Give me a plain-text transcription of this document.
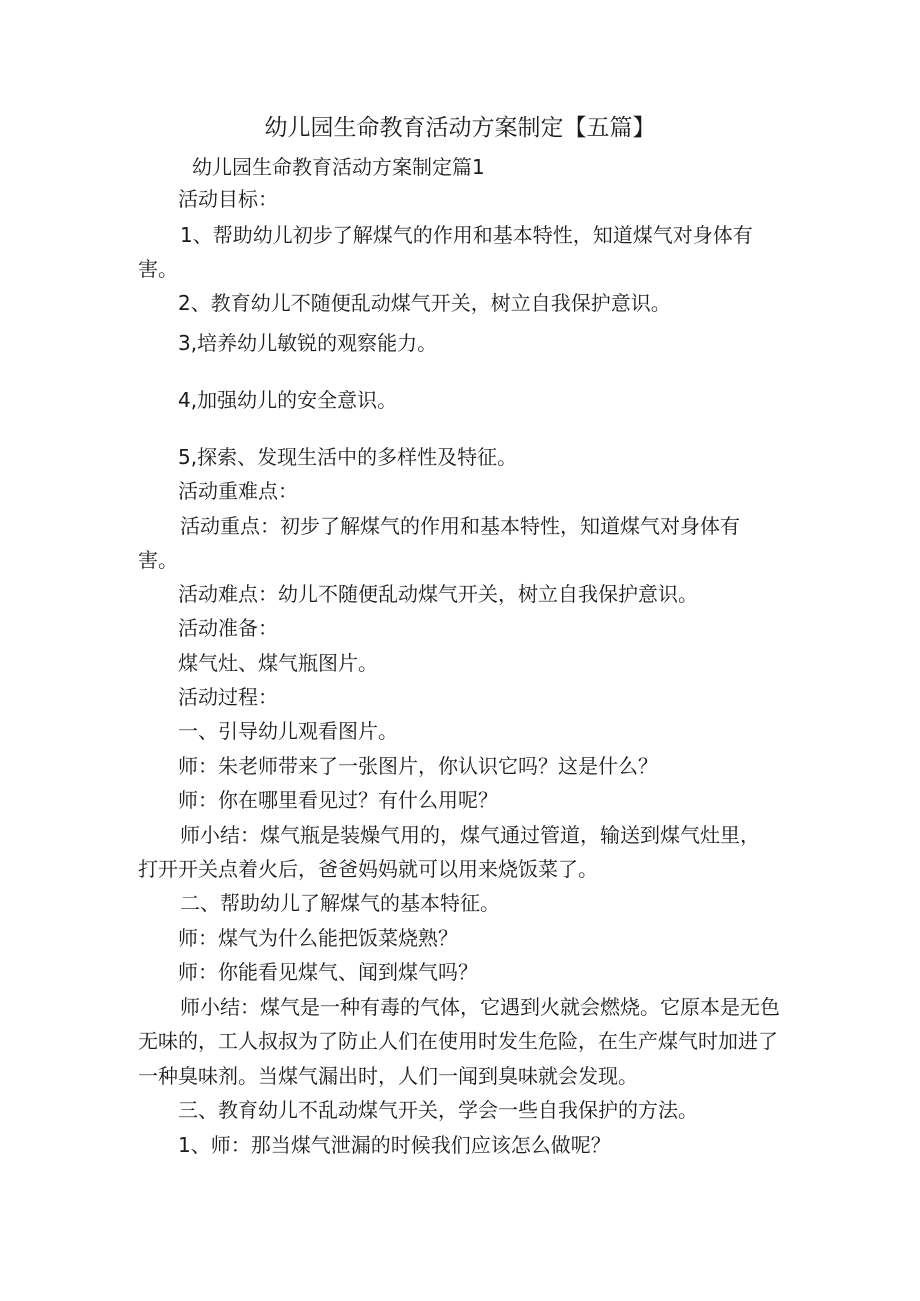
幼儿园生命教育活动方案制定【五篇】
幼儿园生命教育活动方案制定篇1
活动目标：
1、帮助幼儿初步了解煤气的作用和基本特性，知道煤气对身体有
害。
2、教育幼儿不随便乱动煤气开关，树立自我保护意识。
3,培养幼儿敏锐的观察能力。
4,加强幼儿的安全意识。
5,探索、发现生活中的多样性及特征。
活动重难点：
活动重点：初步了解煤气的作用和基本特性，知道煤气对身体有
害。
活动难点：幼儿不随便乱动煤气开关，树立自我保护意识。
活动准备：
煤气灶、煤气瓶图片。
活动过程：
一、引导幼儿观看图片。
师：朱老师带来了一张图片，你认识它吗？这是什么？
师：你在哪里看见过？有什么用呢？
师小结：煤气瓶是装燥气用的，煤气通过管道，输送到煤气灶里，
打开开关点着火后，爸爸妈妈就可以用来烧饭菜了。
二、帮助幼儿了解煤气的基本特征。
师：煤气为什么能把饭菜烧熟？
师：你能看见煤气、闻到煤气吗？
师小结：煤气是一种有毒的气体，它遇到火就会燃烧。它原本是无色
无味的，工人叔叔为了防止人们在使用时发生危险，在生产煤气时加进了
一种臭味剂。当煤气漏出时，人们一闻到臭味就会发现。
三、教育幼儿不乱动煤气开关，学会一些自我保护的方法。
1、师：那当煤气泄漏的时候我们应该怎么做呢？
